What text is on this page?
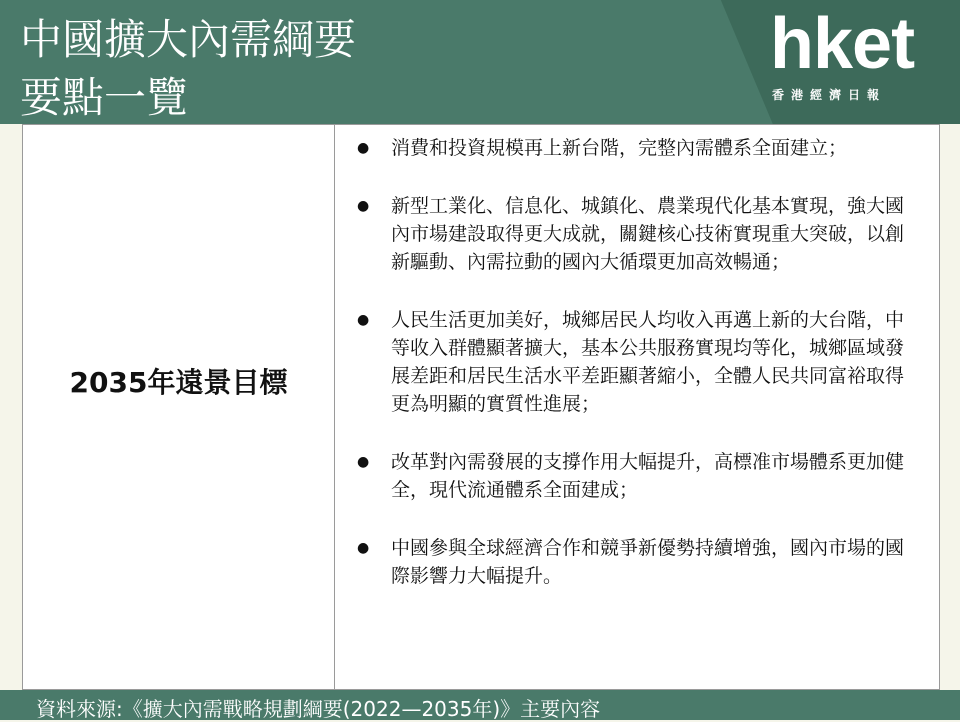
中國擴大內需綱要
要點一覽
hket
香港經濟日報
2035年遠景目標
● 消費和投資規模再上新台階，完整內需體系全面建立；
● 新型工業化、信息化、城鎮化、農業現代化基本實現，強大國內市場建設取得更大成就，關鍵核心技術實現重大突破，以創新驅動、內需拉動的國內大循環更加高效暢通；
● 人民生活更加美好，城鄉居民人均收入再邁上新的大台階，中等收入群體顯著擴大，基本公共服務實現均等化，城鄉區域發展差距和居民生活水平差距顯著縮小，全體人民共同富裕取得更為明顯的實質性進展；
● 改革對內需發展的支撐作用大幅提升，高標准市場體系更加健全，現代流通體系全面建成；
● 中國參與全球經濟合作和競爭新優勢持續增強，國內市場的國際影響力大幅提升。
資料來源:《擴大內需戰略規劃綱要(2022—2035年)》主要內容
